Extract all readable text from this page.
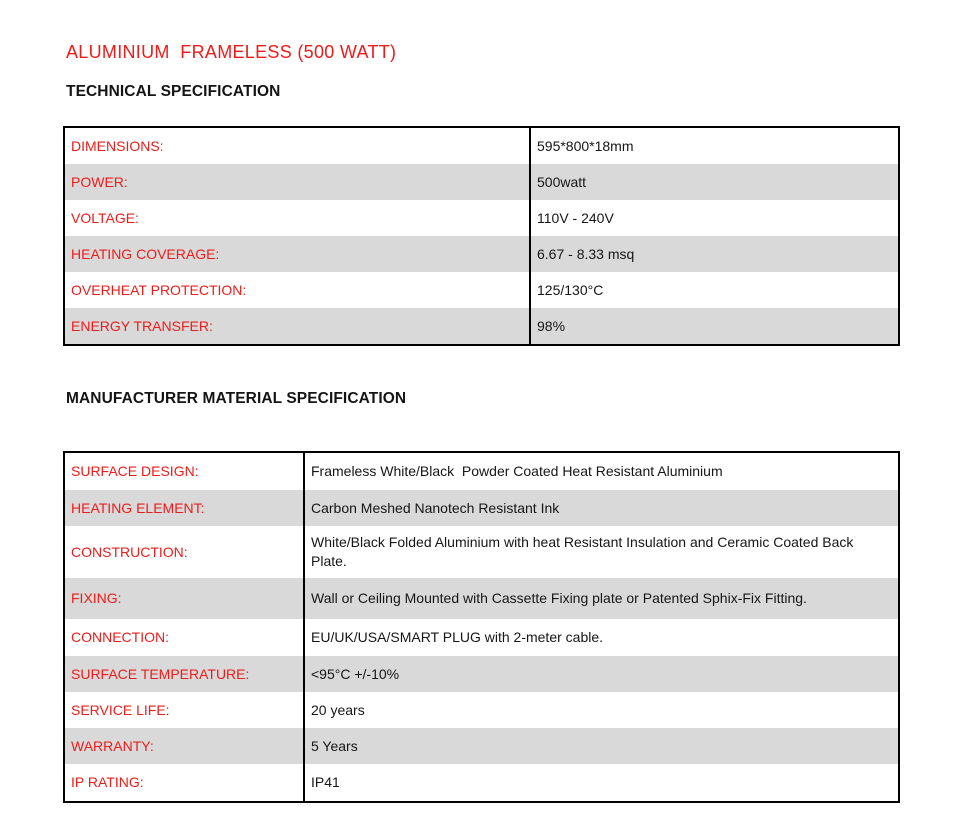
ALUMINIUM  FRAMELESS (500 WATT)
TECHNICAL SPECIFICATION
DIMENSIONS:	595*800*18mm
POWER:	500watt
VOLTAGE:	110V - 240V
HEATING COVERAGE:	6.67 - 8.33 msq
OVERHEAT PROTECTION:	125/130°C
ENERGY TRANSFER:	98%
MANUFACTURER MATERIAL SPECIFICATION
SURFACE DESIGN:	Frameless White/Black  Powder Coated Heat Resistant Aluminium
HEATING ELEMENT:	Carbon Meshed Nanotech Resistant Ink
CONSTRUCTION:
White/Black Folded Aluminium with heat Resistant Insulation and Ceramic Coated Back Plate.
FIXING:	Wall or Ceiling Mounted with Cassette Fixing plate or Patented Sphix-Fix Fitting.
CONNECTION:	EU/UK/USA/SMART PLUG with 2-meter cable.
SURFACE TEMPERATURE:	<95°C +/-10%
SERVICE LIFE:	20 years
WARRANTY:	5 Years
IP RATING:	IP41
